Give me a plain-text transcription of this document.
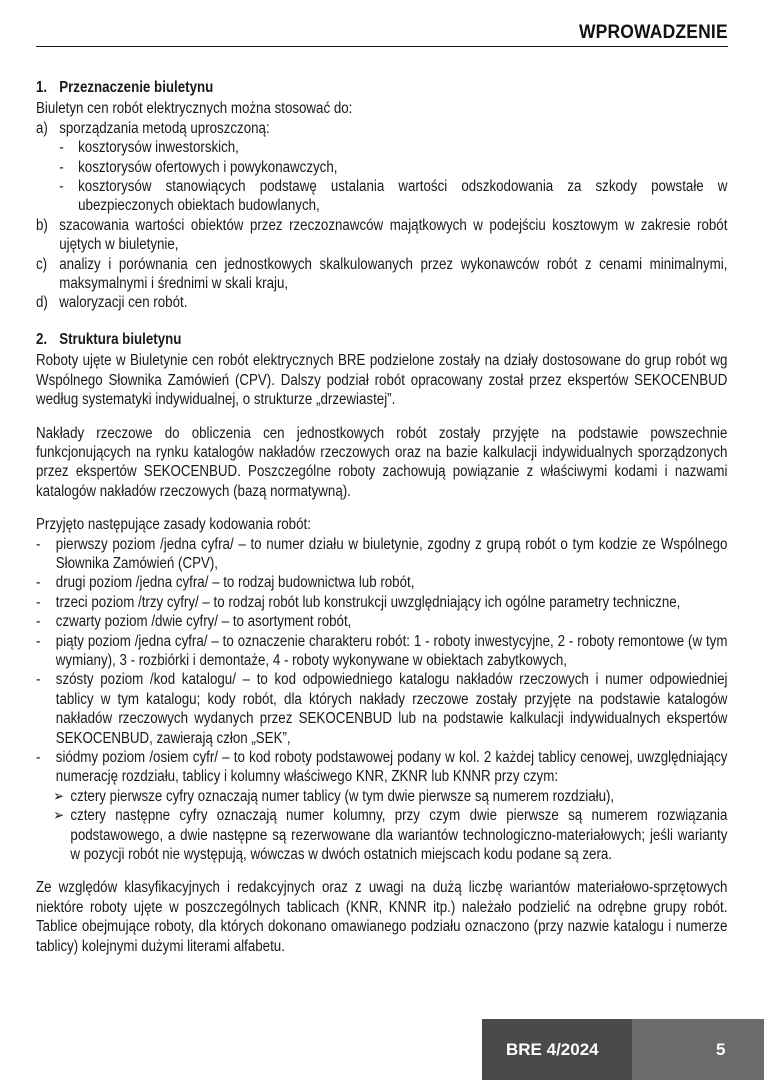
WPROWADZENIE
1. Przeznaczenie biuletynu

Biuletyn cen robót elektrycznych można stosować do:

a) sporządzania metodą uproszczoną:
- kosztorysów inwestorskich,
- kosztorysów ofertowych i powykonawczych,
- kosztorysów stanowiących podstawę ustalania wartości odszkodowania za szkody powstałe w ubezpieczonych obiektach budowlanych,
b) szacowania wartości obiektów przez rzeczoznawców majątkowych w podejściu kosztowym w zakresie robót ujętych w biuletynie,
c) analizy i porównania cen jednostkowych skalkulowanych przez wykonawców robót z cenami minimalnymi, maksymalnymi i średnimi w skali kraju,
d) waloryzacji cen robót.
2. Struktura biuletynu

Roboty ujęte w Biuletynie cen robót elektrycznych BRE podzielone zostały na działy dostosowane do grup robót wg Wspólnego Słownika Zamówień (CPV). Dalszy podział robót opracowany został przez ekspertów SEKOCENBUD według systematyki indywidualnej, o strukturze „drzewiastej”.

Nakłady rzeczowe do obliczenia cen jednostkowych robót zostały przyjęte na podstawie powszechnie funkcjonujących na rynku katalogów nakładów rzeczowych oraz na bazie kalkulacji indywidualnych sporządzonych przez ekspertów SEKOCENBUD. Poszczególne roboty zachowują powiązanie z właściwymi kodami i nazwami katalogów nakładów rzeczowych (bazą normatywną).

Przyjęto następujące zasady kodowania robót:

- pierwszy poziom /jedna cyfra/ – to numer działu w biuletynie, zgodny z grupą robót o tym kodzie ze Wspólnego Słownika Zamówień (CPV),
- drugi poziom /jedna cyfra/ – to rodzaj budownictwa lub robót,
- trzeci poziom /trzy cyfry/ – to rodzaj robót lub konstrukcji uwzględniający ich ogólne parametry techniczne,
- czwarty poziom /dwie cyfry/ – to asortyment robót,
- piąty poziom /jedna cyfra/ – to oznaczenie charakteru robót: 1 - roboty inwestycyjne, 2 - roboty remontowe (w tym wymiany), 3 - rozbiórki i demontaże, 4 - roboty wykonywane w obiektach zabytkowych,
- szósty poziom /kod katalogu/ – to kod odpowiedniego katalogu nakładów rzeczowych i numer odpowiedniej tablicy w tym katalogu; kody robót, dla których nakłady rzeczowe zostały przyjęte na podstawie katalogów nakładów rzeczowych wydanych przez SEKOCENBUD lub na podstawie kalkulacji indywidualnych ekspertów SEKOCENBUD, zawierają człon „SEK”,
- siódmy poziom /osiem cyfr/ – to kod roboty podstawowej podany w kol. 2 każdej tablicy cenowej, uwzględniający numerację rozdziału, tablicy i kolumny właściwego KNR, ZKNR lub KNNR przy czym:
➢ cztery pierwsze cyfry oznaczają numer tablicy (w tym dwie pierwsze są numerem rozdziału),
➢ cztery następne cyfry oznaczają numer kolumny, przy czym dwie pierwsze są numerem rozwiązania podstawowego, a dwie następne są rezerwowane dla wariantów technologiczno-materiałowych; jeśli warianty w pozycji robót nie występują, wówczas w dwóch ostatnich miejscach kodu podane są zera.

Ze względów klasyfikacyjnych i redakcyjnych oraz z uwagi na dużą liczbę wariantów materiałowo-sprzętowych niektóre roboty ujęte w poszczególnych tablicach (KNR, KNNR itp.) należało podzielić na odrębne grupy robót. Tablice obejmujące roboty, dla których dokonano omawianego podziału oznaczono (przy nazwie katalogu i numerze tablicy) kolejnymi dużymi literami alfabetu.

BRE 4/2024	5
